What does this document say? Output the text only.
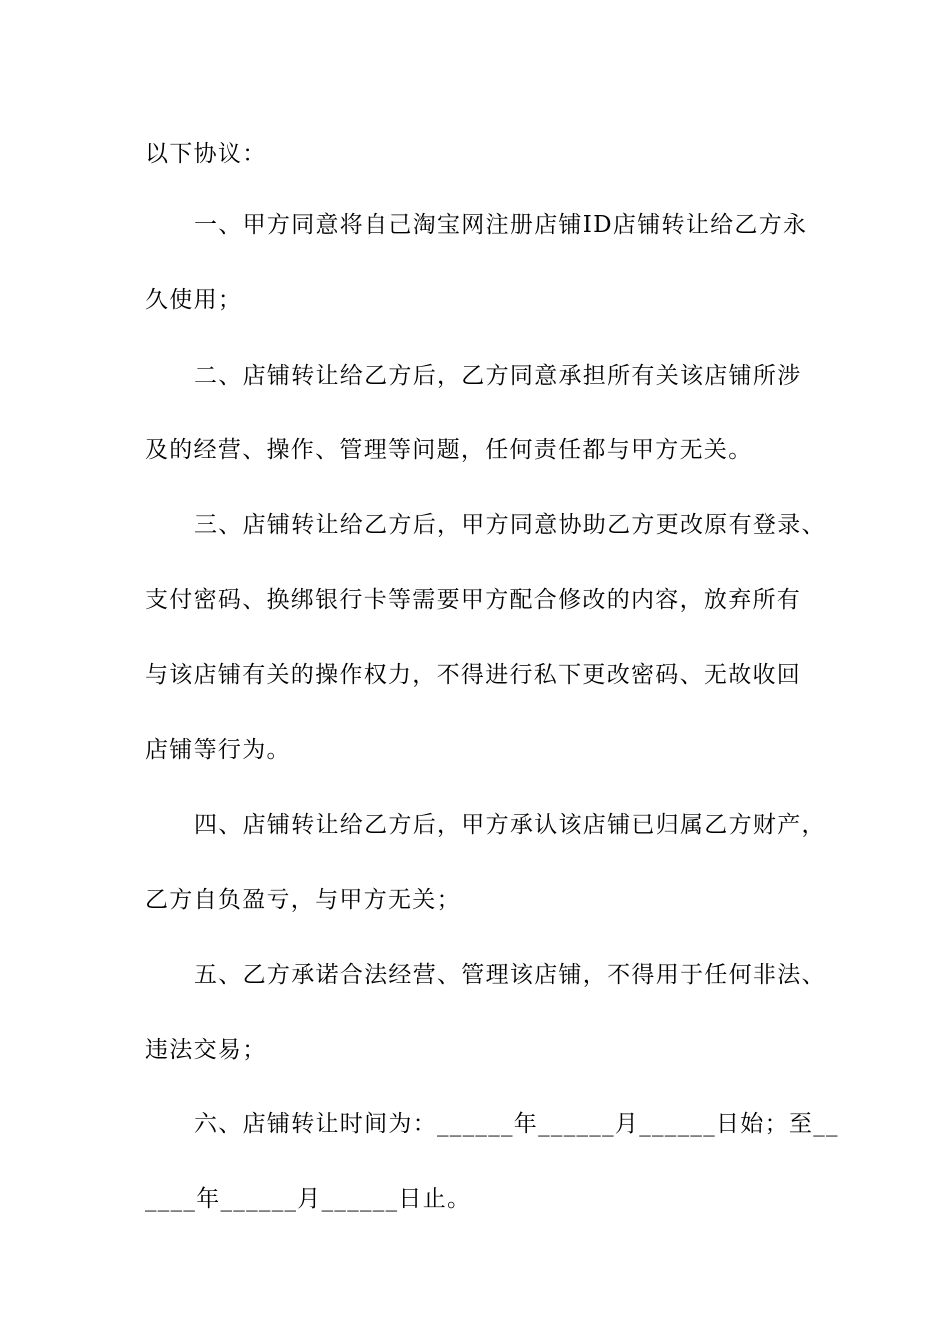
以下协议：
一、甲方同意将自己淘宝网注册店铺ID店铺转让给乙方永
久使用；
二、店铺转让给乙方后，乙方同意承担所有关该店铺所涉
及的经营、操作、管理等问题，任何责任都与甲方无关。
三、店铺转让给乙方后，甲方同意协助乙方更改原有登录、
支付密码、换绑银行卡等需要甲方配合修改的内容，放弃所有
与该店铺有关的操作权力，不得进行私下更改密码、无故收回
店铺等行为。
四、店铺转让给乙方后，甲方承认该店铺已归属乙方财产，
乙方自负盈亏，与甲方无关；
五、乙方承诺合法经营、管理该店铺，不得用于任何非法、
违法交易；
六、店铺转让时间为：______年______月______日始；至__
____年______月______日止。
